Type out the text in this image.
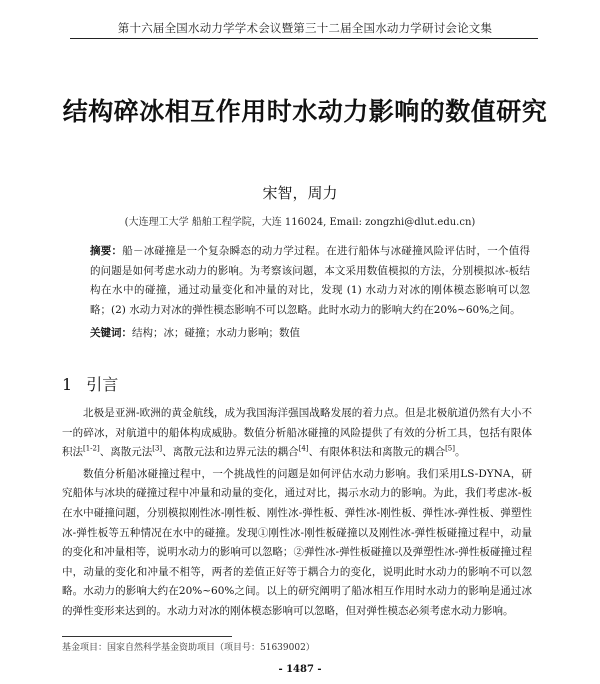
第十六届全国水动力学学术会议暨第三十二届全国水动力学研讨会论文集
结构碎冰相互作用时水动力影响的数值研究
宋智，周力
(大连理工大学 船舶工程学院，大连 116024, Email: zongzhi@dlut.edu.cn)
摘要：船－冰碰撞是一个复杂瞬态的动力学过程。在进行船体与冰碰撞风险评估时，一个值得的问题是如何考虑水动力的影响。为考察该问题，本文采用数值模拟的方法，分别模拟冰-板结构在水中的碰撞，通过动量变化和冲量的对比，发现 (1) 水动力对冰的刚体模态影响可以忽略；(2) 水动力对冰的弹性模态影响不可以忽略。此时水动力的影响大约在20%~60%之间。
关键词：结构；冰；碰撞；水动力影响；数值
1 引言

北极是亚洲-欧洲的黄金航线，成为我国海洋强国战略发展的着力点。但是北极航道仍然有大小不一的碎冰，对航道中的船体构成威胁。数值分析船冰碰撞的风险提供了有效的分析工具，包括有限体积法[1-2]、离散元法[3]、离散元法和边界元法的耦合[4]、有限体积法和离散元的耦合[5]。

数值分析船冰碰撞过程中，一个挑战性的问题是如何评估水动力影响。我们采用LS-DYNA，研究船体与冰块的碰撞过程中冲量和动量的变化，通过对比，揭示水动力的影响。为此，我们考虑冰-板在水中碰撞问题，分别模拟刚性冰-刚性板、刚性冰-弹性板、弹性冰-刚性板、弹性冰-弹性板、弹塑性冰-弹性板等五种情况在水中的碰撞。发现①刚性冰-刚性板碰撞以及刚性冰-弹性板碰撞过程中，动量的变化和冲量相等，说明水动力的影响可以忽略；②弹性冰-弹性板碰撞以及弹塑性冰-弹性板碰撞过程中，动量的变化和冲量不相等，两者的差值正好等于耦合力的变化，说明此时水动力的影响不可以忽略。水动力的影响大约在20%~60%之间。以上的研究阐明了船冰相互作用时水动力的影响是通过冰的弹性变形来达到的。水动力对冰的刚体模态影响可以忽略，但对弹性模态必须考虑水动力影响。

基金项目：国家自然科学基金资助项目（项目号：51639002）
- 1487 -
